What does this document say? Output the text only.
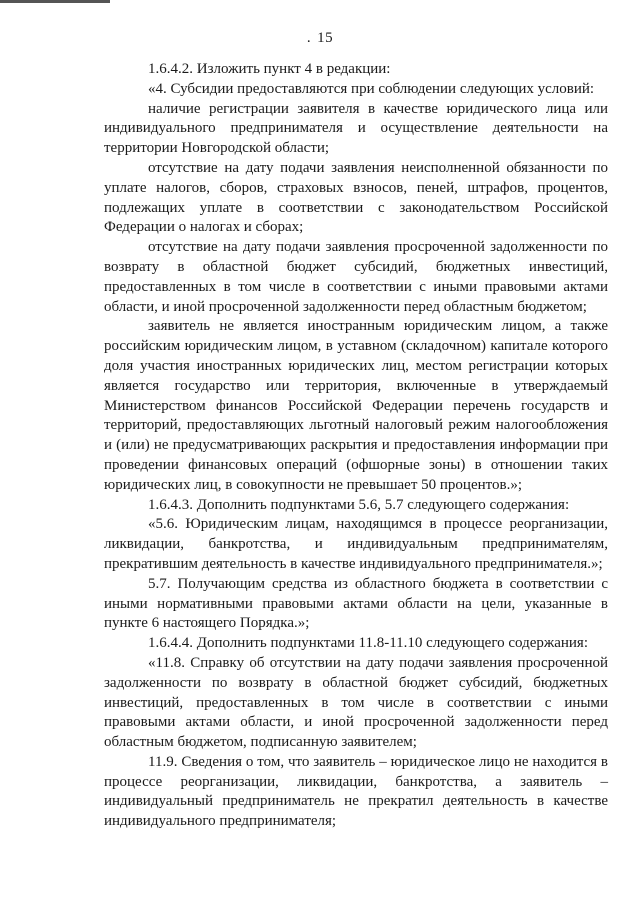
. 15

1.6.4.2. Изложить пункт 4 в редакции:

«4. Субсидии предоставляются при соблюдении следующих условий:

наличие регистрации заявителя в качестве юридического лица или индивидуального предпринимателя и осуществление деятельности на территории Новгородской области;

отсутствие на дату подачи заявления неисполненной обязанности по уплате налогов, сборов, страховых взносов, пеней, штрафов, процентов, подлежащих уплате в соответствии с законодательством Российской Федерации о налогах и сборах;

отсутствие на дату подачи заявления просроченной задолженности по возврату в областной бюджет субсидий, бюджетных инвестиций, предоставленных в том числе в соответствии с иными правовыми актами области, и иной просроченной задолженности перед областным бюджетом;

заявитель не является иностранным юридическим лицом, а также российским юридическим лицом, в уставном (складочном) капитале которого доля участия иностранных юридических лиц, местом регистрации которых является государство или территория, включенные в утверждаемый Министерством финансов Российской Федерации перечень государств и территорий, предоставляющих льготный налоговый режим налогообложения и (или) не предусматривающих раскрытия и предоставления информации при проведении финансовых операций (офшорные зоны) в отношении таких юридических лиц, в совокупности не превышает 50 процентов.»;

1.6.4.3. Дополнить подпунктами 5.6, 5.7 следующего содержания:

«5.6. Юридическим лицам, находящимся в процессе реорганизации, ликвидации, банкротства, и индивидуальным предпринимателям, прекратившим деятельность в качестве индивидуального предпринимателя.»;

5.7. Получающим средства из областного бюджета в соответствии с иными нормативными правовыми актами области на цели, указанные в пункте 6 настоящего Порядка.»;

1.6.4.4. Дополнить подпунктами 11.8-11.10 следующего содержания:

«11.8. Справку об отсутствии на дату подачи заявления просроченной задолженности по возврату в областной бюджет субсидий, бюджетных инвестиций, предоставленных в том числе в соответствии с иными правовыми актами области, и иной просроченной задолженности перед областным бюджетом, подписанную заявителем;

11.9. Сведения о том, что заявитель – юридическое лицо не находится в процессе реорганизации, ликвидации, банкротства, а заявитель – индивидуальный предприниматель не прекратил деятельность в качестве индивидуального предпринимателя;
